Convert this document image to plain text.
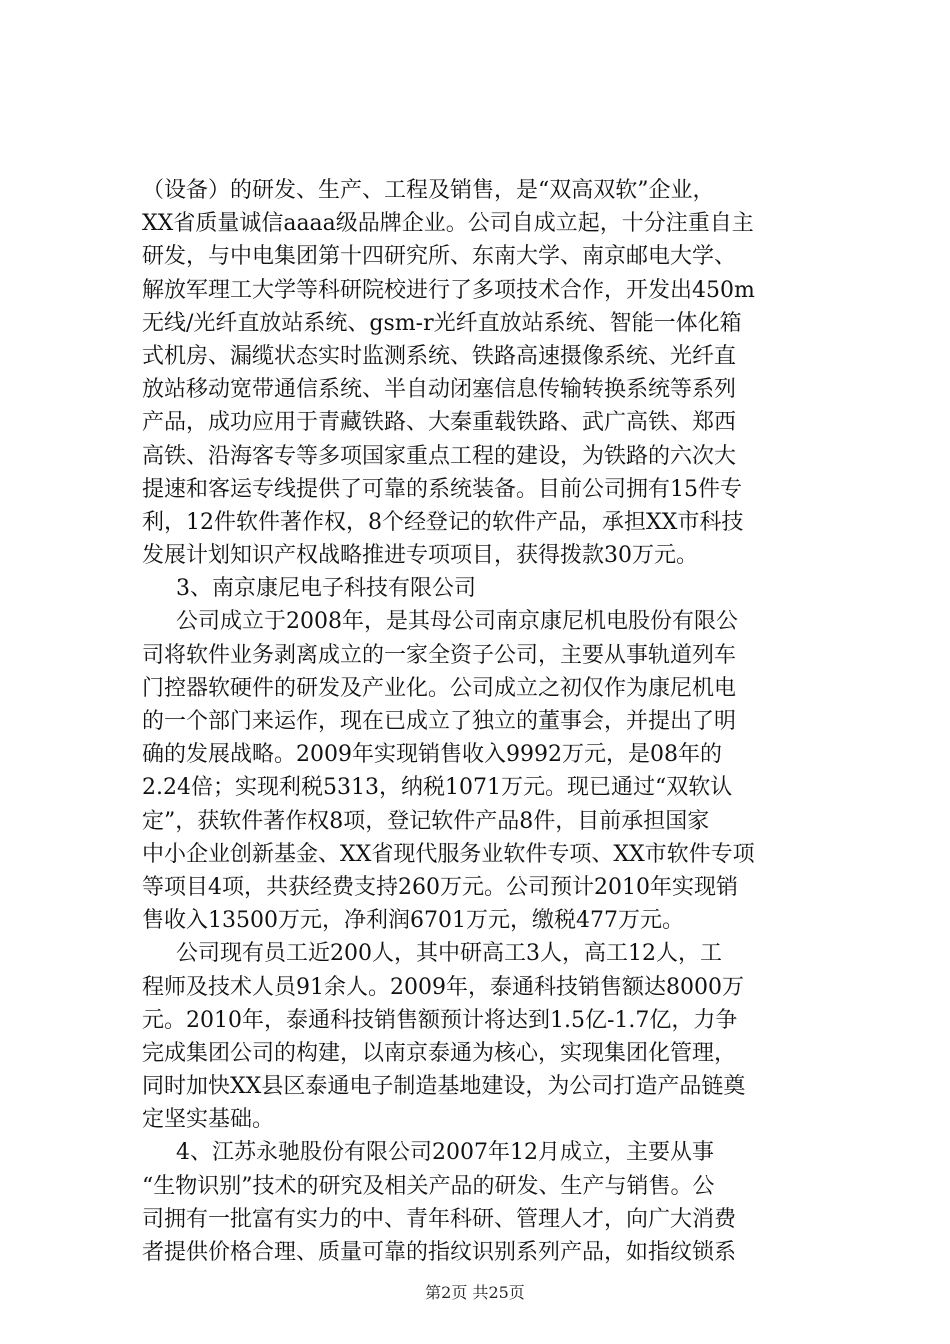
（设备）的研发、生产、工程及销售，是“双高双软”企业，
XX省质量诚信aaaa级品牌企业。公司自成立起，十分注重自主
研发，与中电集团第十四研究所、东南大学、南京邮电大学、
解放军理工大学等科研院校进行了多项技术合作，开发出450m
无线/光纤直放站系统、gsm-r光纤直放站系统、智能一体化箱
式机房、漏缆状态实时监测系统、铁路高速摄像系统、光纤直
放站移动宽带通信系统、半自动闭塞信息传输转换系统等系列
产品，成功应用于青藏铁路、大秦重载铁路、武广高铁、郑西
高铁、沿海客专等多项国家重点工程的建设，为铁路的六次大
提速和客运专线提供了可靠的系统装备。目前公司拥有15件专
利，12件软件著作权，8个经登记的软件产品，承担XX市科技
发展计划知识产权战略推进专项项目，获得拨款30万元。
3、南京康尼电子科技有限公司
公司成立于2008年，是其母公司南京康尼机电股份有限公
司将软件业务剥离成立的一家全资子公司，主要从事轨道列车
门控器软硬件的研发及产业化。公司成立之初仅作为康尼机电
的一个部门来运作，现在已成立了独立的董事会，并提出了明
确的发展战略。2009年实现销售收入9992万元，是08年的
2.24倍；实现利税5313，纳税1071万元。现已通过“双软认
定”，获软件著作权8项，登记软件产品8件，目前承担国家
中小企业创新基金、XX省现代服务业软件专项、XX市软件专项
等项目4项，共获经费支持260万元。公司预计2010年实现销
售收入13500万元，净利润6701万元，缴税477万元。
公司现有员工近200人，其中研高工3人，高工12人，工
程师及技术人员91余人。2009年，泰通科技销售额达8000万
元。2010年，泰通科技销售额预计将达到1.5亿-1.7亿，力争
完成集团公司的构建，以南京泰通为核心，实现集团化管理，
同时加快XX县区泰通电子制造基地建设，为公司打造产品链奠
定坚实基础。
4、江苏永驰股份有限公司2007年12月成立，主要从事
“生物识别”技术的研究及相关产品的研发、生产与销售。公
司拥有一批富有实力的中、青年科研、管理人才，向广大消费
者提供价格合理、质量可靠的指纹识别系列产品，如指纹锁系
第2页 共25页
